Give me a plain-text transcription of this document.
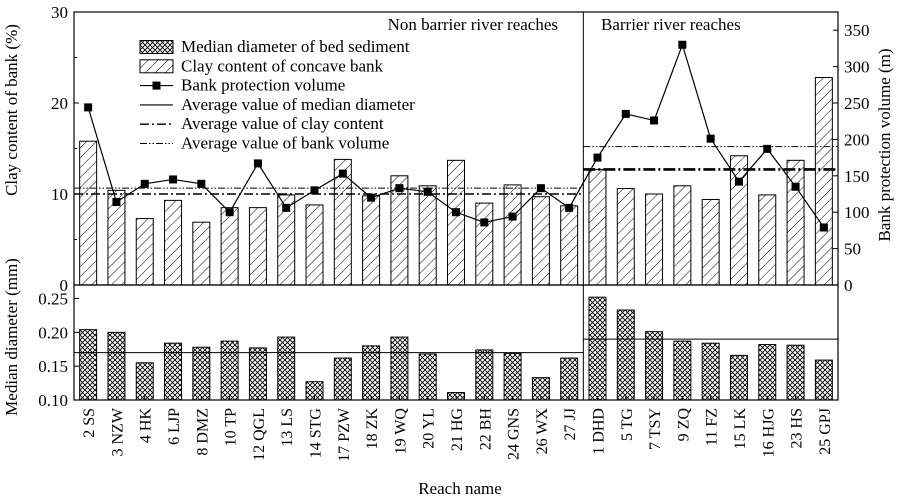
0
10
20
30
0
50
100
150
200
250
300
350
Clay content of bank (%)	Bank protection volume (m)
Non barrier river reaches	Barrier river reaches
Median diameter of bed sediment
Clay content of concave bank
Bank protection volume
Average value of median diameter
Average value of clay content
Average value of bank volume
0.10
0.15
0.20
0.25
Median diameter (mm)
2 SS 3 NZW 4 HK 6 LJP 8 DMZ 10 TP 12 QGL 13 LS 14 STG 17 PZW 18 ZK 19 WQ 20 YL 21 HG 22 BH 24 GNS 26 WX 27 JJ 1 DHD 5 TG 7 TSY 9 ZQ 11 FZ 15 LK 16 HJG 23 HS 25 GPJ
Reach name
